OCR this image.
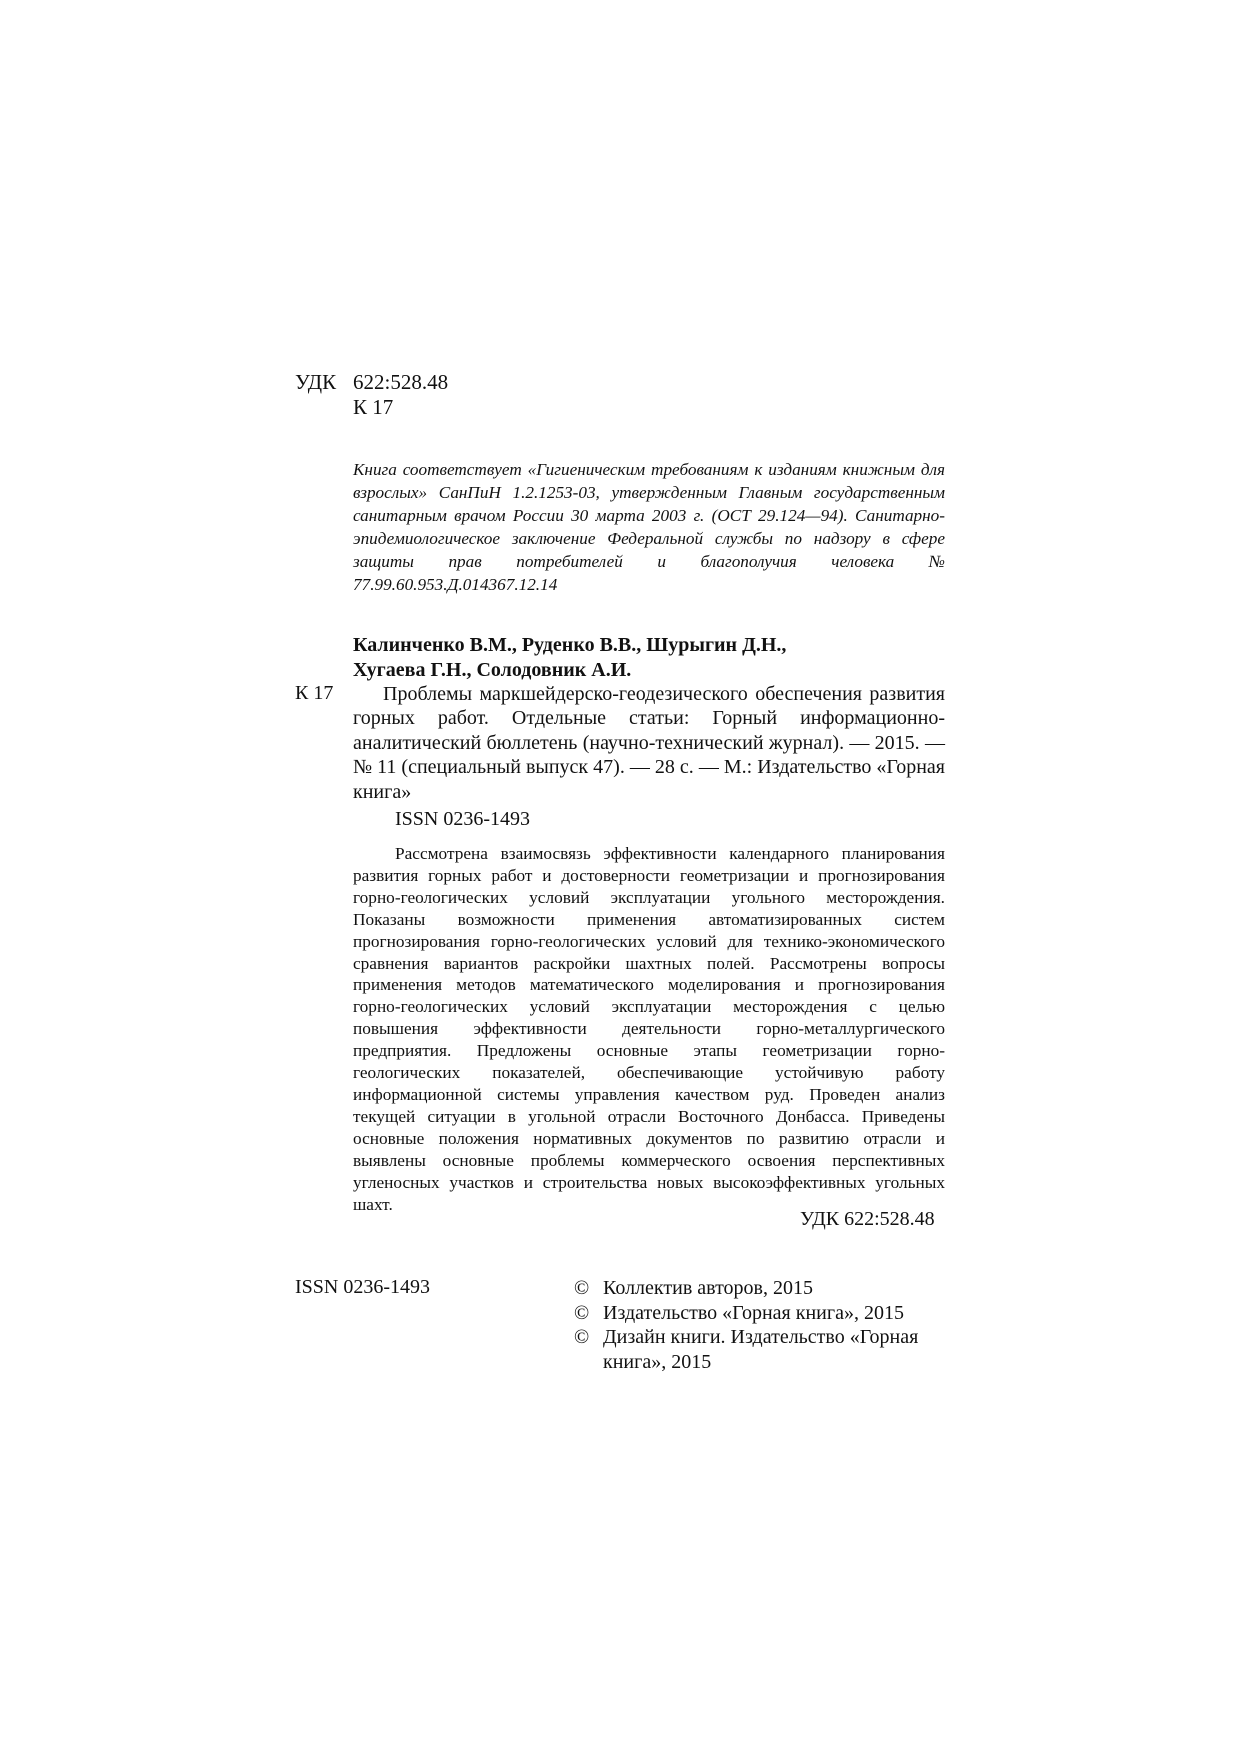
УДК 622:528.48
К 17
Книга соответствует «Гигиеническим требованиям к изданиям книжным для взрослых» СанПиН 1.2.1253-03, утвержденным Главным государственным санитарным врачом России 30 марта 2003 г. (ОСТ 29.124—94). Санитарно-эпидемиологическое заключение Федеральной службы по надзору в сфере защиты прав потребителей и благополучия человека № 77.99.60.953.Д.014367.12.14
Калинченко В.М., Руденко В.В., Шурыгин Д.Н.,
Хугаева Г.Н., Солодовник А.И.
К 17	Проблемы маркшейдерско-геодезического обеспечения развития горных работ. Отдельные статьи: Горный информационно-аналитический бюллетень (научно-технический журнал). — 2015. — № 11 (специальный выпуск 47). — 28 с. — М.: Издательство «Горная книга»
ISSN 0236-1493
Рассмотрена взаимосвязь эффективности календарного планирования развития горных работ и достоверности геометризации и прогнозирования горно-геологических условий эксплуатации угольного месторождения. Показаны возможности применения автоматизированных систем прогнозирования горно-геологических условий для технико-экономического сравнения вариантов раскройки шахтных полей. Рассмотрены вопросы применения методов математического моделирования и прогнозирования горно-геологических условий эксплуатации месторождения с целью повышения эффективности деятельности горно-металлургического предприятия. Предложены основные этапы геометризации горно-геологических показателей, обеспечивающие устойчивую работу информационной системы управления качеством руд. Проведен анализ текущей ситуации в угольной отрасли Восточного Донбасса. Приведены основные положения нормативных документов по развитию отрасли и выявлены основные проблемы коммерческого освоения перспективных угленосных участков и строительства новых высокоэффективных угольных шахт.
УДК 622:528.48
ISSN 0236-1493	© Коллектив авторов, 2015
© Издательство «Горная книга», 2015
© Дизайн книги. Издательство «Горная книга», 2015
